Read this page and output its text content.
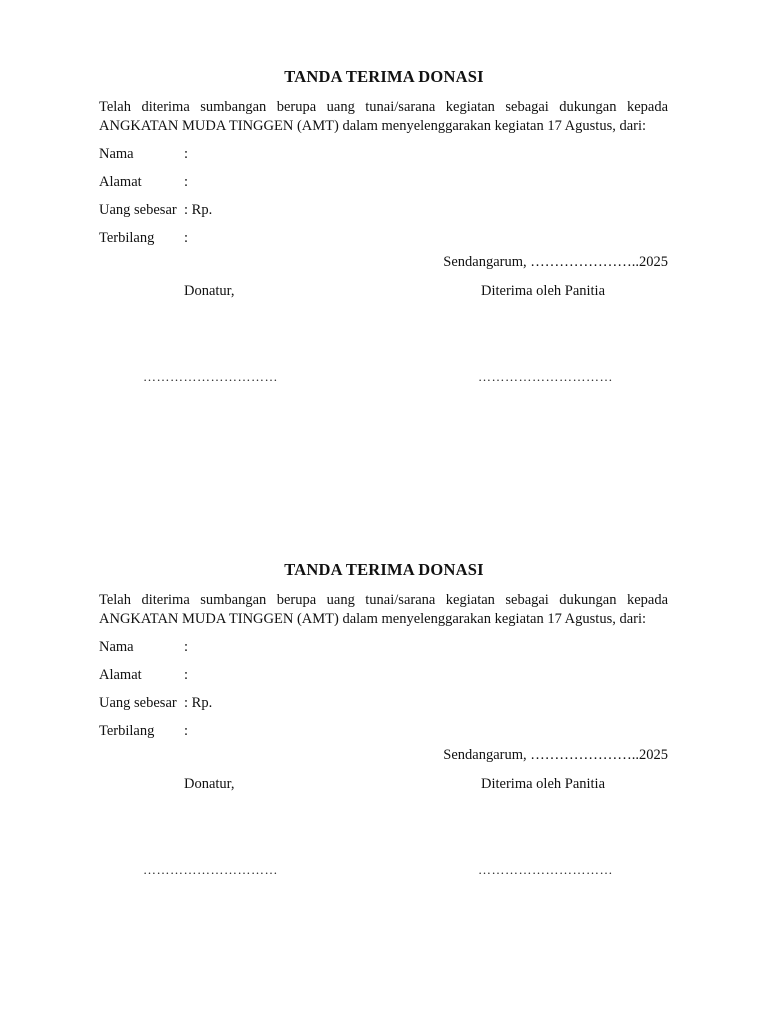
TANDA TERIMA DONASI
Telah diterima sumbangan berupa uang tunai/sarana kegiatan sebagai dukungan kepada
ANGKATAN MUDA TINGGEN (AMT) dalam menyelenggarakan kegiatan 17 Agustus, dari:
Nama	:
Alamat	:
Uang sebesar : Rp.
Terbilang :
Sendangarum, …………………..2025
Donatur,	Diterima oleh Panitia
…………………………	…………………………
TANDA TERIMA DONASI
Telah diterima sumbangan berupa uang tunai/sarana kegiatan sebagai dukungan kepada
ANGKATAN MUDA TINGGEN (AMT) dalam menyelenggarakan kegiatan 17 Agustus, dari:
Nama	:
Alamat	:
Uang sebesar : Rp.
Terbilang :
Sendangarum, …………………..2025
Donatur,	Diterima oleh Panitia
…………………………	…………………………
